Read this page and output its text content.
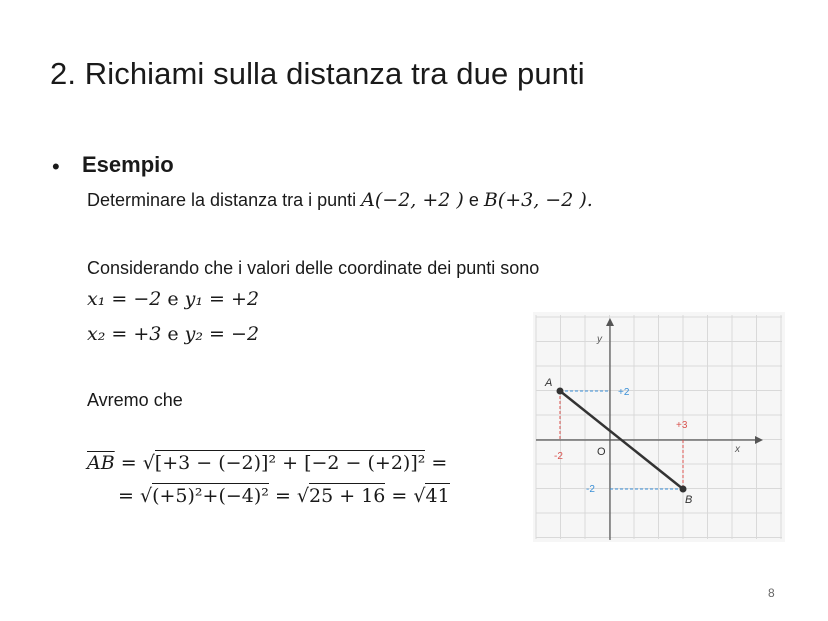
2. Richiami sulla distanza tra due punti
• Esempio
Determinare la distanza tra i punti A(−2, +2 ) e B(+3, −2 ).
Considerando che i valori delle coordinate dei punti sono
x₁ = −2 e y₁ = +2
x₂ = +3 e y₂ = −2
Avremo che
$\overline{AB} = √[+3 - (-2)]^2 + [-2 - (+2)]^2$ =
= √(+5)²+(−4)² = √25 + 16 = √41
A
B
O	x
y
+2
-2
+3
-2
8
